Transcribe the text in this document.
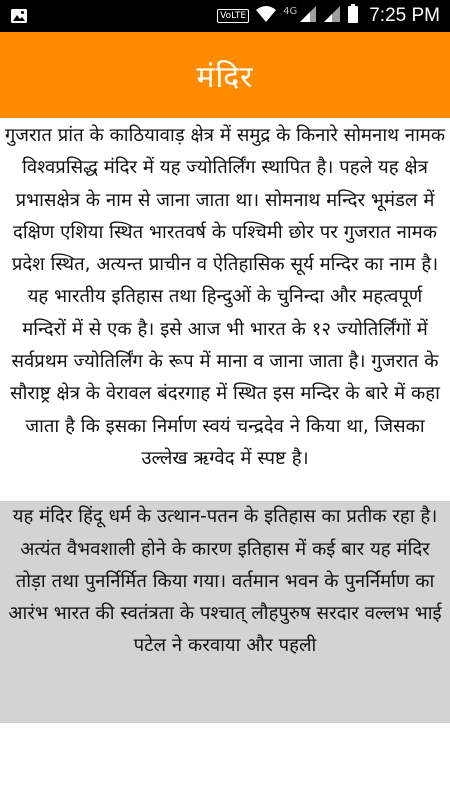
VoLTE	4G	7:25 PM
मंदिर

गुजरात प्रांत के काठियावाड़ क्षेत्र में समुद्र के किनारे सोमनाथ नामक विश्वप्रसिद्ध मंदिर में यह ज्योतिर्लिंग स्थापित है। पहले यह क्षेत्र प्रभासक्षेत्र के नाम से जाना जाता था। सोमनाथ मन्दिर भूमंडल में दक्षिण एशिया स्थित भारतवर्ष के पश्चिमी छोर पर गुजरात नामक प्रदेश स्थित, अत्यन्त प्राचीन व ऐतिहासिक सूर्य मन्दिर का नाम है। यह भारतीय इतिहास तथा हिन्दुओं के चुनिन्दा और महत्वपूर्ण मन्दिरों में से एक है। इसे आज भी भारत के १२ ज्योतिर्लिंगों में सर्वप्रथम ज्योतिर्लिंग के रूप में माना व जाना जाता है। गुजरात के सौराष्ट्र क्षेत्र के वेरावल बंदरगाह में स्थित इस मन्दिर के बारे में कहा जाता है कि इसका निर्माण स्वयं चन्द्रदेव ने किया था, जिसका उल्लेख ऋग्वेद में स्पष्ट है।

यह मंदिर हिंदू धर्म के उत्थान-पतन के इतिहास का प्रतीक रहा है। अत्यंत वैभवशाली होने के कारण इतिहास में कई बार यह मंदिर तोड़ा तथा पुनर्निर्मित किया गया। वर्तमान भवन के पुनर्निर्माण का आरंभ भारत की स्वतंत्रता के पश्चात् लौहपुरुष सरदार वल्लभ भाई पटेल ने करवाया और पहली
